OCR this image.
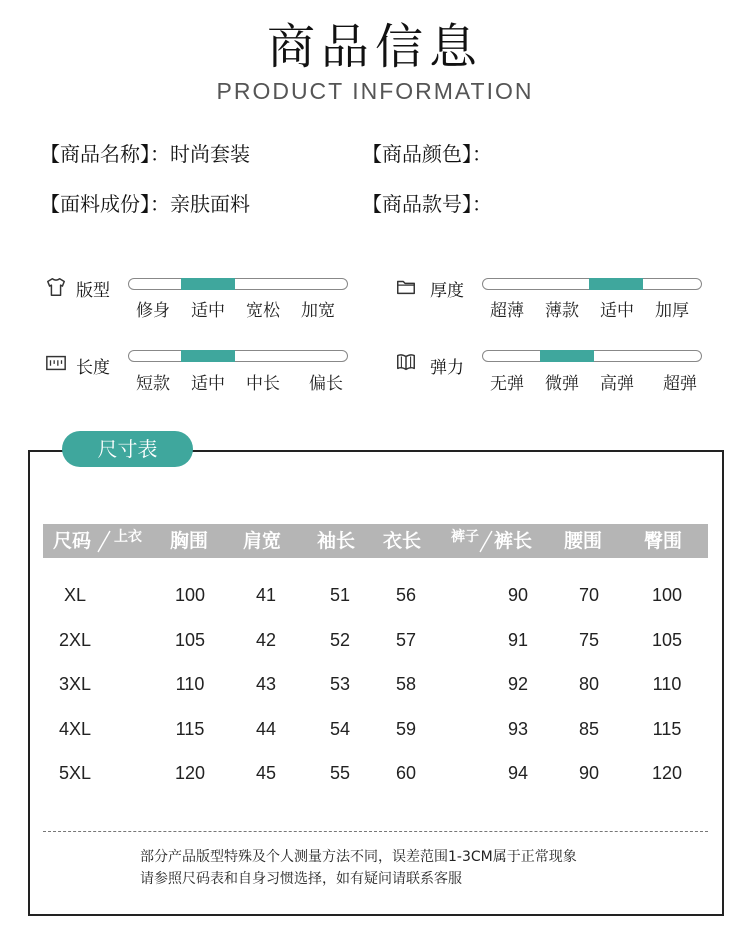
商品信息
PRODUCT INFORMATION
【商品名称】：时尚套装	【商品颜色】：
【面料成份】：亲肤面料	【商品款号】：
版型
修身 适中 宽松 加宽
厚度
超薄 薄款 适中 加厚
长度
短款 适中 中长 偏长
弹力
无弹 微弹 高弹 超弹
尺寸表
尺码 上衣 胸围 肩宽 袖长 衣长 裤子 裤长 腰围 臀围
XL	100	41	51	56	90	70	100
2XL	105	42	52	57	91	75	105
3XL	110	43	53	58	92	80	110
4XL	115	44	54	59	93	85	115
5XL	120	45	55	60	94	90	120
部分产品版型特殊及个人测量方法不同，误差范围1-3CM属于正常现象
请参照尺码表和自身习惯选择，如有疑问请联系客服
